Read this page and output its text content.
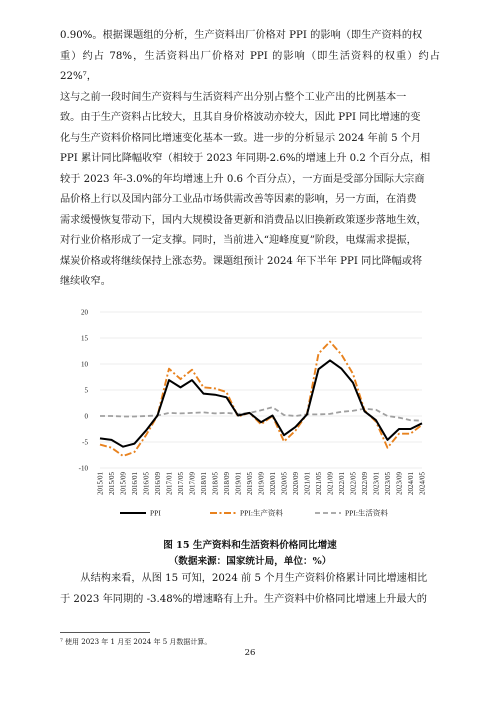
0.90%。根据课题组的分析，生产资料出厂价格对 PPI 的影响（即生产资料的权

重）约占 78%，生活资料出厂价格对 PPI 的影响（即生活资料的权重）约占 22%⁷，

这与之前一段时间生产资料与生活资料产出分别占整个工业产出的比例基本一

致。由于生产资料占比较大，且其自身价格波动亦较大，因此 PPI 同比增速的变

化与生产资料价格同比增速变化基本一致。进一步的分析显示 2024 年前 5 个月

PPI 累计同比降幅收窄（相较于 2023 年同期-2.6%的增速上升 0.2 个百分点，相

较于 2023 年-3.0%的年均增速上升 0.6 个百分点），一方面是受部分国际大宗商

品价格上行以及国内部分工业品市场供需改善等因素的影响，另一方面，在消费

需求缓慢恢复带动下，国内大规模设备更新和消费品以旧换新政策逐步落地生效，

对行业价格形成了一定支撑。同时，当前进入“迎峰度夏”阶段，电煤需求提振，

煤炭价格或将继续保持上涨态势。课题组预计 2024 年下半年 PPI 同比降幅或将

继续收窄。

-10
-5
0
5
10
15
20
2015/01 2015/05 2015/09 2016/01 2016/05 2016/09 2017/01 2017/05 2017/09 2018/01 2018/05 2018/09 2019/01 2019/05 2019/09 2020/01 2020/05 2020/09 2021/01 2021/05 2021/09 2022/01 2022/05 2022/09 2023/01 2023/05 2023/09 2024/01 2024/05
PPI	PPI:生产资料	PPI:生活资料
图 15 生产资料和生活资料价格同比增速
（数据来源：国家统计局，单位：%）

从结构来看，从图 15 可知，2024 前 5 个月生产资料价格累计同比增速相比

于 2023 年同期的 -3.48%的增速略有上升。生产资料中价格同比增速上升最大的

⁷ 使用 2023 年 1 月至 2024 年 5 月数据计算。
26
